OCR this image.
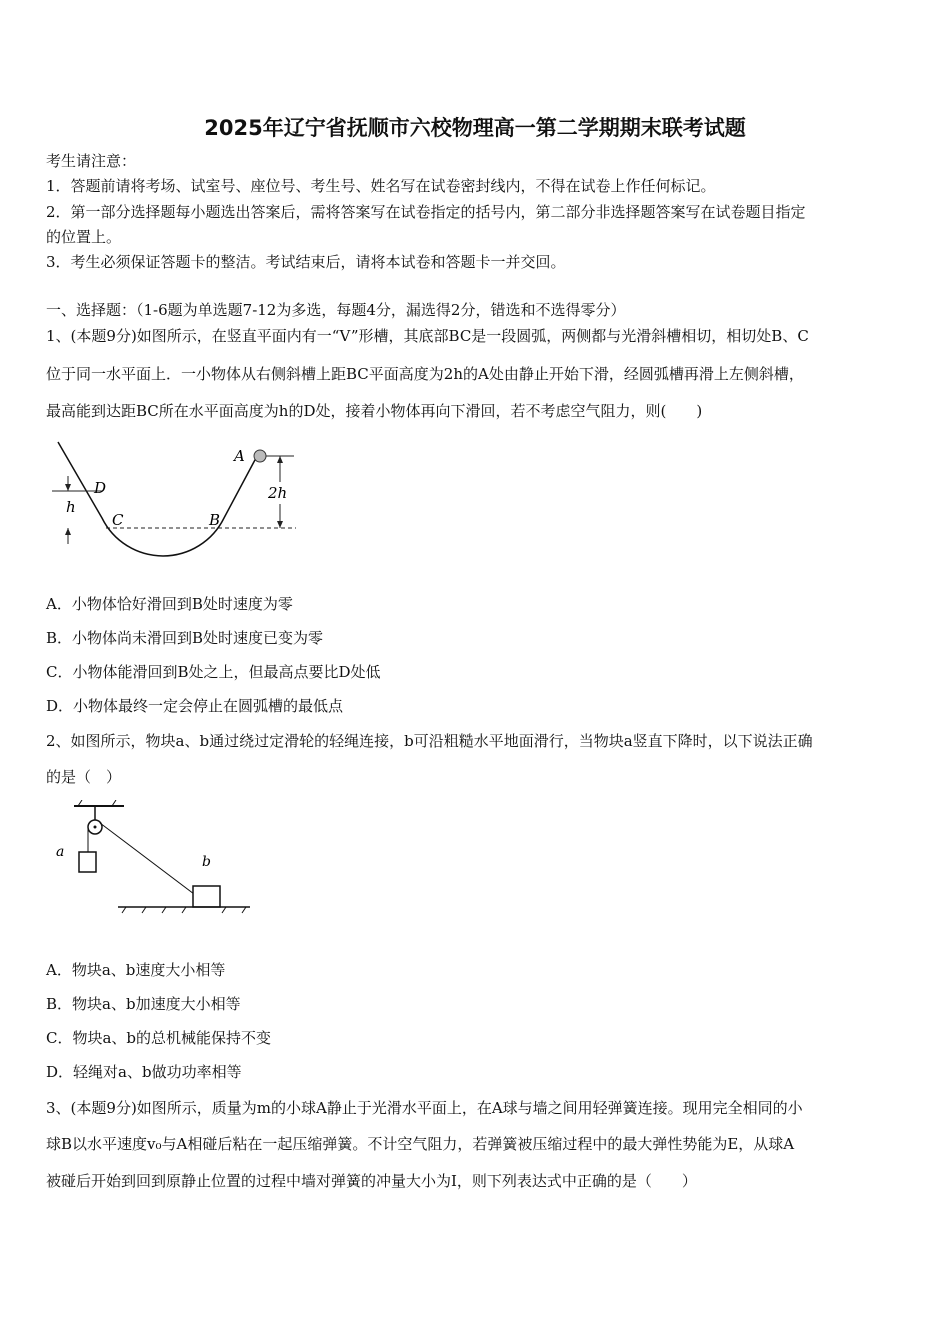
2025年辽宁省抚顺市六校物理高一第二学期期末联考试题
考生请注意：
1．答题前请将考场、试室号、座位号、考生号、姓名写在试卷密封线内，不得在试卷上作任何标记。
2．第一部分选择题每小题选出答案后，需将答案写在试卷指定的括号内，第二部分非选择题答案写在试卷题目指定
的位置上。
3．考生必须保证答题卡的整洁。考试结束后，请将本试卷和答题卡一并交回。
一、选择题：（1-6题为单选题7-12为多选，每题4分，漏选得2分，错选和不选得零分）
1、(本题9分)如图所示，在竖直平面内有一“V”形槽，其底部BC是一段圆弧，两侧都与光滑斜槽相切，相切处B、C
位于同一水平面上．一小物体从右侧斜槽上距BC平面高度为2h的A处由静止开始下滑，经圆弧槽再滑上左侧斜槽，
最高能到达距BC所在水平面高度为h的D处，接着小物体再向下滑回，若不考虑空气阻力，则(　　)
A
D
C	B
h
2h
A．小物体恰好滑回到B处时速度为零
B．小物体尚未滑回到B处时速度已变为零
C．小物体能滑回到B处之上，但最高点要比D处低
D．小物体最终一定会停止在圆弧槽的最低点
2、如图所示，物块a、b通过绕过定滑轮的轻绳连接，b可沿粗糙水平地面滑行，当物块a竖直下降时，以下说法正确
的是（　）
a
b
A．物块a、b速度大小相等
B．物块a、b加速度大小相等
C．物块a、b的总机械能保持不变
D．轻绳对a、b做功功率相等
3、(本题9分)如图所示，质量为m的小球A静止于光滑水平面上，在A球与墙之间用轻弹簧连接。现用完全相同的小
球B以水平速度v₀与A相碰后粘在一起压缩弹簧。不计空气阻力，若弹簧被压缩过程中的最大弹性势能为E，从球A
被碰后开始到回到原静止位置的过程中墙对弹簧的冲量大小为I，则下列表达式中正确的是（　　）
